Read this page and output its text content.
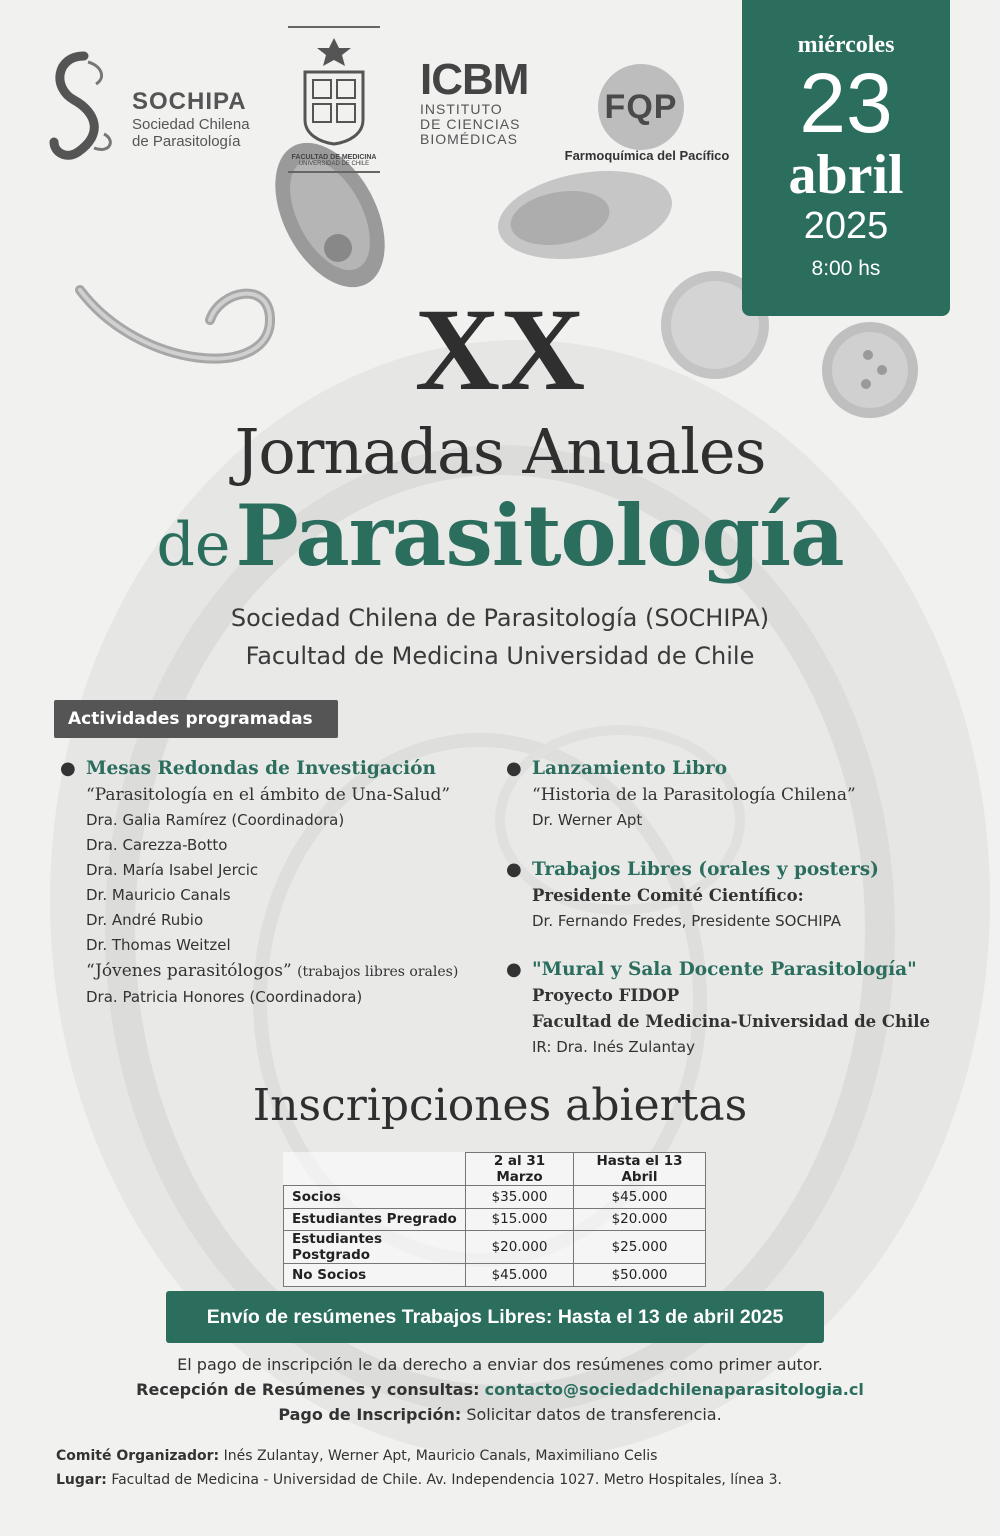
SOCHIPA
Sociedad Chilena
de Parasitología
FACULTAD DE MEDICINA
UNIVERSIDAD DE CHILE
ICBM
INSTITUTO
DE CIENCIAS
BIOMÉDICAS
FQP
Farmoquímica del Pacífico
miércoles
23
abril
2025
8:00 hs
XX
Jornadas Anuales
de Parasitología
Sociedad Chilena de Parasitología (SOCHIPA)
Facultad de Medicina Universidad de Chile
Actividades programadas
● Mesas Redondas de Investigación
“Parasitología en el ámbito de Una-Salud”
Dra. Galia Ramírez (Coordinadora)
Dra. Carezza-Botto
Dra. María Isabel Jercic
Dr. Mauricio Canals
Dr. André Rubio
Dr. Thomas Weitzel
“Jóvenes parasitólogos” (trabajos libres orales)
Dra. Patricia Honores (Coordinadora)
● Lanzamiento Libro
“Historia de la Parasitología Chilena”
Dr. Werner Apt
● Trabajos Libres (orales y posters)
Presidente Comité Científico:
Dr. Fernando Fredes, Presidente SOCHIPA
● "Mural y Sala Docente Parasitología"
Proyecto FIDOP
Facultad de Medicina-Universidad de Chile
IR: Dra. Inés Zulantay
Inscripciones abiertas
	2 al 31 Marzo	Hasta el 13 Abril
Socios	$35.000	$45.000
Estudiantes Pregrado	$15.000	$20.000
Estudiantes Postgrado	$20.000	$25.000
No Socios	$45.000	$50.000
Envío de resúmenes Trabajos Libres: Hasta el 13 de abril 2025
El pago de inscripción le da derecho a enviar dos resúmenes como primer autor.
Recepción de Resúmenes y consultas: contacto@sociedadchilenaparasitologia.cl
Pago de Inscripción: Solicitar datos de transferencia.
Comité Organizador: Inés Zulantay, Werner Apt, Mauricio Canals, Maximiliano Celis
Lugar: Facultad de Medicina - Universidad de Chile. Av. Independencia 1027. Metro Hospitales, línea 3.
